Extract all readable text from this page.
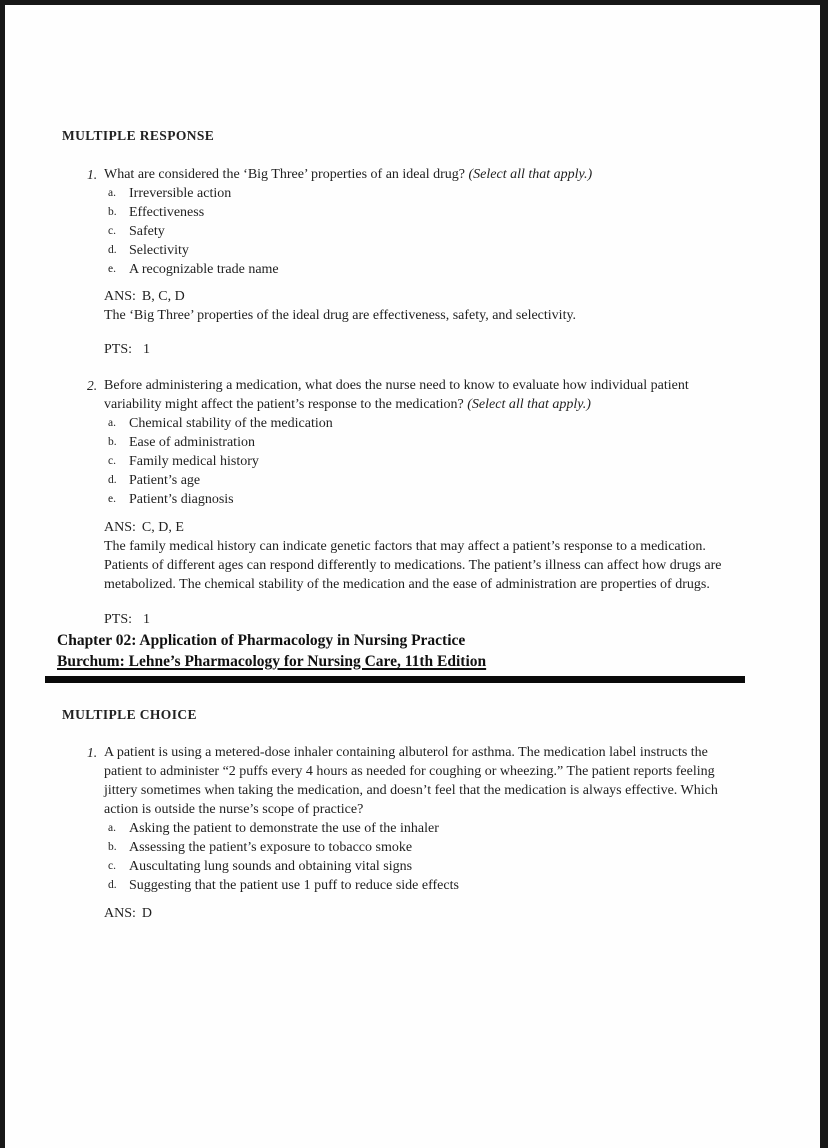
MULTIPLE RESPONSE
1. What are considered the ‘Big Three’ properties of an ideal drug? (Select all that apply.)
a. Irreversible action
b. Effectiveness
c. Safety
d. Selectivity
e. A recognizable trade name
ANS: B, C, D
The ‘Big Three’ properties of the ideal drug are effectiveness, safety, and selectivity.
PTS: 1
2. Before administering a medication, what does the nurse need to know to evaluate how individual patient variability might affect the patient’s response to the medication? (Select all that apply.)
a. Chemical stability of the medication
b. Ease of administration
c. Family medical history
d. Patient’s age
e. Patient’s diagnosis
ANS: C, D, E
The family medical history can indicate genetic factors that may affect a patient’s response to a medication. Patients of different ages can respond differently to medications. The patient’s illness can affect how drugs are metabolized. The chemical stability of the medication and the ease of administration are properties of drugs.
PTS: 1
Chapter 02: Application of Pharmacology in Nursing Practice
Burchum: Lehne’s Pharmacology for Nursing Care, 11th Edition
MULTIPLE CHOICE
1. A patient is using a metered-dose inhaler containing albuterol for asthma. The medication label instructs the patient to administer “2 puffs every 4 hours as needed for coughing or wheezing.” The patient reports feeling jittery sometimes when taking the medication, and doesn’t feel that the medication is always effective. Which action is outside the nurse’s scope of practice?
a. Asking the patient to demonstrate the use of the inhaler
b. Assessing the patient’s exposure to tobacco smoke
c. Auscultating lung sounds and obtaining vital signs
d. Suggesting that the patient use 1 puff to reduce side effects
ANS: D
